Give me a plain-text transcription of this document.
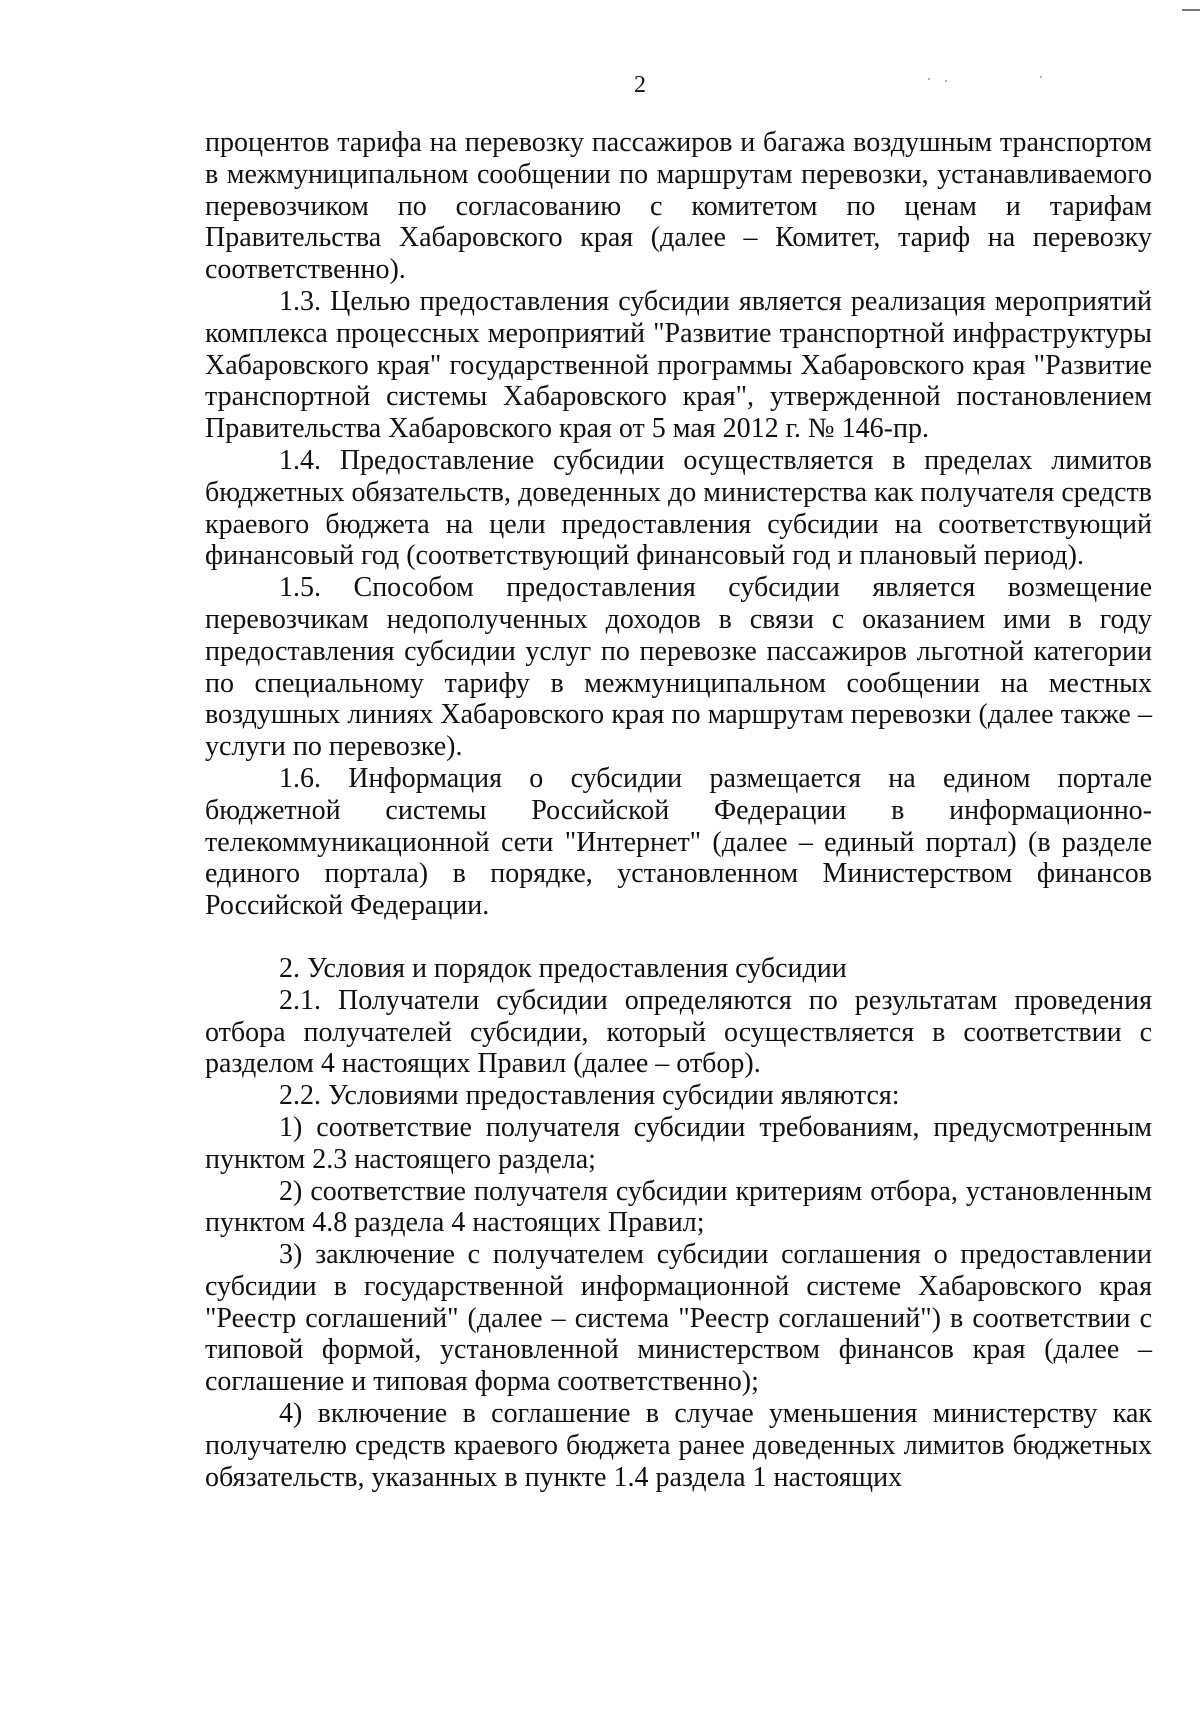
2

процентов тарифа на перевозку пассажиров и багажа воздушным транспортом в межмуниципальном сообщении по маршрутам перевозки, устанавливаемого перевозчиком по согласованию с комитетом по ценам и тарифам Правительства Хабаровского края (далее – Комитет, тариф на перевозку соответственно).

1.3. Целью предоставления субсидии является реализация мероприятий комплекса процессных мероприятий "Развитие транспортной инфраструктуры Хабаровского края" государственной программы Хабаровского края "Развитие транспортной системы Хабаровского края", утвержденной постановлением Правительства Хабаровского края от 5 мая 2012 г. № 146-пр.

1.4. Предоставление субсидии осуществляется в пределах лимитов бюджетных обязательств, доведенных до министерства как получателя средств краевого бюджета на цели предоставления субсидии на соответствующий финансовый год (соответствующий финансовый год и плановый период).

1.5. Способом предоставления субсидии является возмещение перевозчикам недополученных доходов в связи с оказанием ими в году предоставления субсидии услуг по перевозке пассажиров льготной категории по специальному тарифу в межмуниципальном сообщении на местных воздушных линиях Хабаровского края по маршрутам перевозки (далее также – услуги по перевозке).

1.6. Информация о субсидии размещается на едином портале бюджетной системы Российской Федерации в информационно-телекоммуникационной сети "Интернет" (далее – единый портал) (в разделе единого портала) в порядке, установленном Министерством финансов Российской Федерации.

2. Условия и порядок предоставления субсидии

2.1. Получатели субсидии определяются по результатам проведения отбора получателей субсидии, который осуществляется в соответствии с разделом 4 настоящих Правил (далее – отбор).

2.2. Условиями предоставления субсидии являются:

1) соответствие получателя субсидии требованиям, предусмотренным пунктом 2.3 настоящего раздела;

2) соответствие получателя субсидии критериям отбора, установленным пунктом 4.8 раздела 4 настоящих Правил;

3) заключение с получателем субсидии соглашения о предоставлении субсидии в государственной информационной системе Хабаровского края "Реестр соглашений" (далее – система "Реестр соглашений") в соответствии с типовой формой, установленной министерством финансов края (далее – соглашение и типовая форма соответственно);

4) включение в соглашение в случае уменьшения министерству как получателю средств краевого бюджета ранее доведенных лимитов бюджетных обязательств, указанных в пункте 1.4 раздела 1 настоящих
